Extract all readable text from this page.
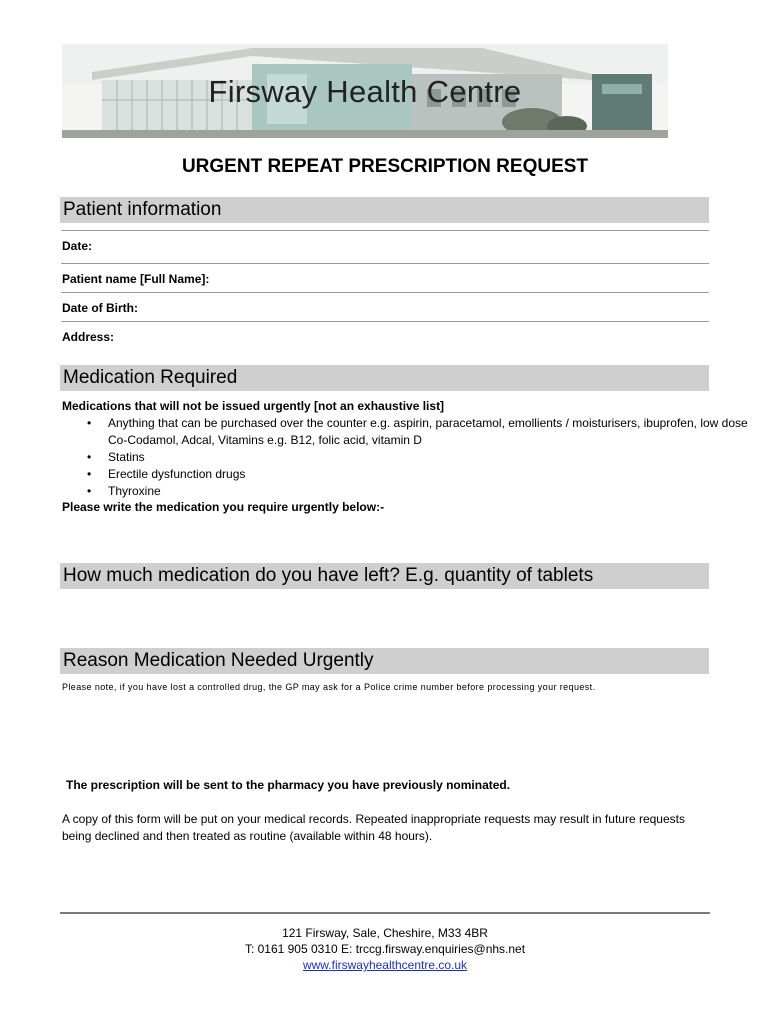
Firsway Health Centre
URGENT REPEAT PRESCRIPTION REQUEST
Patient information
Date:
Patient name [Full Name]:
Date of Birth:
Address:
Medication Required
Medications that will not be issued urgently [not an exhaustive list]
• Anything that can be purchased over the counter e.g. aspirin, paracetamol, emollients / moisturisers, ibuprofen, low dose Co-Codamol, Adcal, Vitamins e.g. B12, folic acid, vitamin D
• Statins
• Erectile dysfunction drugs
• Thyroxine
Please write the medication you require urgently below:-
How much medication do you have left? E.g. quantity of tablets
Reason Medication Needed Urgently
Please note, if you have lost a controlled drug, the GP may ask for a Police crime number before processing your request.
The prescription will be sent to the pharmacy you have previously nominated.
A copy of this form will be put on your medical records. Repeated inappropriate requests may result in future requests being declined and then treated as routine (available within 48 hours).
121 Firsway, Sale, Cheshire, M33 4BR
T: 0161 905 0310 E: trccg.firsway.enquiries@nhs.net
www.firswayhealthcentre.co.uk
